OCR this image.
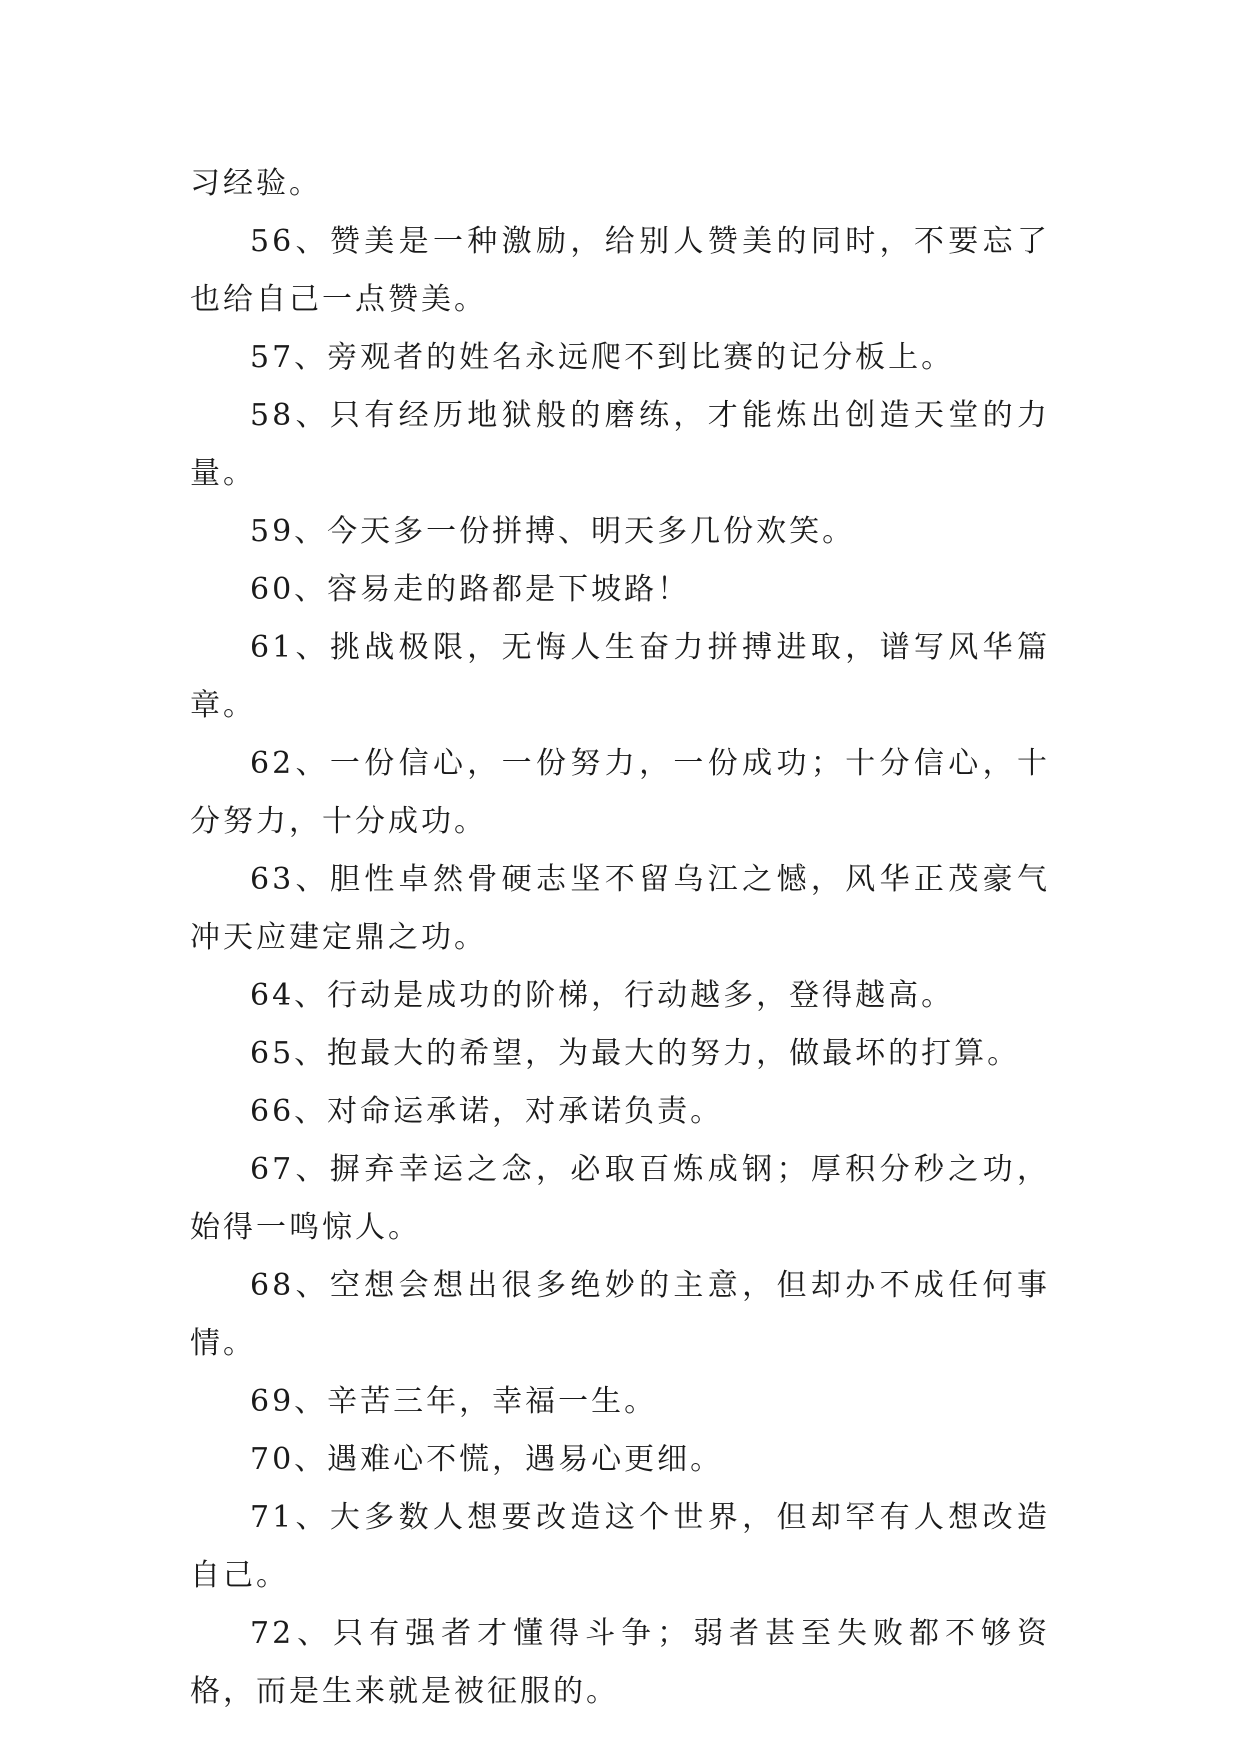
习经验。

56、赞美是一种激励，给别人赞美的同时，不要忘了也给自己一点赞美。

57、旁观者的姓名永远爬不到比赛的记分板上。

58、只有经历地狱般的磨练，才能炼出创造天堂的力量。

59、今天多一份拼搏、明天多几份欢笑。

60、容易走的路都是下坡路！

61、挑战极限，无悔人生奋力拼搏进取，谱写风华篇章。

62、一份信心，一份努力，一份成功；十分信心，十分努力，十分成功。

63、胆性卓然骨硬志坚不留乌江之憾，风华正茂豪气冲天应建定鼎之功。

64、行动是成功的阶梯，行动越多，登得越高。

65、抱最大的希望，为最大的努力，做最坏的打算。

66、对命运承诺，对承诺负责。

67、摒弃幸运之念，必取百炼成钢；厚积分秒之功，始得一鸣惊人。

68、空想会想出很多绝妙的主意，但却办不成任何事情。

69、辛苦三年，幸福一生。

70、遇难心不慌，遇易心更细。

71、大多数人想要改造这个世界，但却罕有人想改造自己。

72、只有强者才懂得斗争；弱者甚至失败都不够资格，而是生来就是被征服的。
